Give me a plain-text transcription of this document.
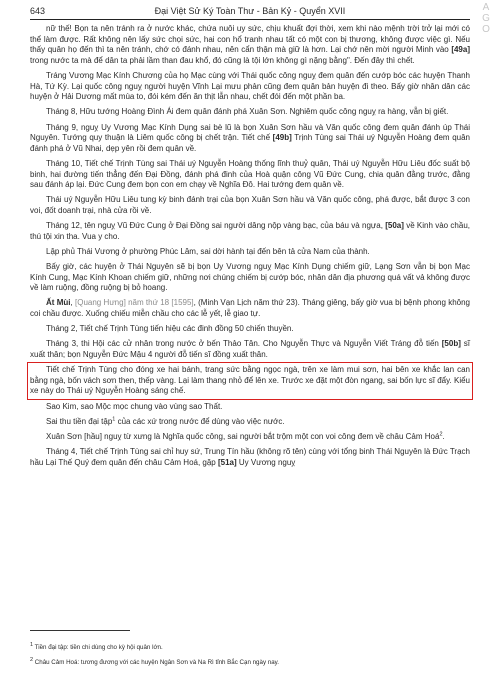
643	Đại Việt Sử Ký Toàn Thư - Bản Kỷ - Quyển XVII	AGO

nữ thế! Bọn ta nên tránh ra ở nước khác, chứa nuôi uy sức, chịu khuất đợi thời, xem khi nào mệnh trời trở lại mới có thể làm được. Rất không nên lấy sức chọi sức, hai con hổ tranh nhau tất có một con bị thương, không được việc gì. Nếu thấy quân họ đến thì ta nên tránh, chớ có đánh nhau, nên cẩn thận mà giữ là hơn. Lại chớ nên mời người Minh vào [49a] trong nước ta mà để dân ta phải lầm than đau khổ, đó cũng là tội lớn không gì nặng bằng". Đến đây thì chết.

Tráng Vương Mạc Kính Chương của họ Mạc cùng với Thái quốc công nguỵ đem quân đến cướp bóc các huyện Thanh Hà, Tứ Kỳ. Lại quốc công nguỵ người huyện Vĩnh Lại mưu phản cũng đem quân bản huyện đi theo. Bấy giờ nhân dân các huyện ở Hải Dương mất mùa to, đói kém đến ăn thịt lẫn nhau, chết đói đến một phần ba.

Tháng 8, Hữu tướng Hoàng Đình Ái đem quân đánh phá Xuân Sơn. Nghiêm quốc công nguỵ ra hàng, vẫn bị giết.

Tháng 9, nguỵ Uy Vương Mạc Kính Dụng sai bè lũ là bọn Xuân Sơn hầu và Văn quốc công đem quân đánh úp Thái Nguyên. Tướng quy thuận là Liêm quốc công bị chết trận. Tiết chế [49b] Trịnh Tùng sai Thái uý Nguyễn Hoàng đem quân đánh phá ở Vũ Nhai, dẹp yên rồi đem quân về.

Tháng 10, Tiết chế Trịnh Tùng sai Thái uý Nguyễn Hoàng thống lĩnh thuỷ quân, Thái uý Nguyễn Hữu Liêu đốc suất bộ binh, hai đường tiến thẳng đến Đại Đồng, đánh phá đinh của Hoà quận công Vũ Đức Cung, chia quân đằng trước, đằng sau đánh áp lại. Đức Cung đem bọn con em chạy về Nghĩa Đô. Hai tướng đem quân về.

Thái uý Nguyễn Hữu Liêu tung kỳ binh đánh trại của bọn Xuân Sơn hầu và Văn quốc công, phá được, bắt được 3 con voi, đốt doanh trại, nhà cửa rồi về.

Tháng 12, tên nguỵ Vũ Đức Cung ở Đại Đồng sai người dâng nộp vàng bạc, của báu và ngựa, [50a] về Kinh vào chầu, thú tội xin tha. Vua y cho.

Lập phủ Thái Vương ở phường Phúc Lâm, sai dời hành tại đến bên tả cửa Nam của thành.

Bấy giờ, các huyện ở Thái Nguyên sẽ bị bọn Uy Vương nguỵ Mạc Kính Dụng chiếm giữ, Lạng Sơn vẫn bị bọn Mạc Kính Cung, Mạc Kính Khoan chiếm giữ, những nơi chúng chiếm bị cướp bóc, nhân dân địa phương quá vất vả không được về làm ruộng, đồng ruộng bị bỏ hoang.

Ất Mùi, [Quang Hưng] năm thứ 18 [1595], (Minh Vạn Lịch năm thứ 23). Tháng giêng, bấy giờ vua bị bệnh phong không coi chầu được. Xuống chiếu miễn chầu cho các lễ yết, lễ giao tự.

Tháng 2, Tiết chế Trịnh Tùng tiến hiệu các đinh đồng 50 chiến thuyền.

Tháng 3, thi Hội các cử nhân trong nước ở bến Thảo Tân. Cho Nguyễn Thực và Nguyễn Viết Tráng đỗ tiến [50b] sĩ xuất thân; bọn Nguyễn Đức Mậu 4 người đỗ tiến sĩ đồng xuất thân.

Tiết chế Trịnh Tùng cho đóng xe hai bánh, trang sức bằng ngọc ngà, trên xe làm mui sơn, hai bên xe khắc lan can bằng ngà, bốn vách sơn then, thếp vàng. Lại làm thang nhỏ để lên xe. Trước xe đặt một đòn ngang, sai bốn lực sĩ đẩy. Kiểu xe này do Thái uý Nguyễn Hoàng sáng chế.

Sao Kim, sao Mộc mọc chung vào vùng sao Thất.

Sai thu tiền đại tập$^1$ của các xứ trong nước để dùng vào việc nước.

Xuân Sơn [hầu] nguỵ từ xưng là Nghĩa quốc công, sai người bắt trộm một con voi công đem về châu Cảm Hoá$^2$.

Tháng 4, Tiết chế Trịnh Tùng sai chỉ huy sứ, Trung Tín hầu (không rõ tên) cùng với tổng binh Thái Nguyên là Đức Trạch hầu Lại Thế Quý đem quân đến châu Cảm Hoá, gặp [51a] Uy Vương nguỵ

$^1$ Tiền đại tập: tiền chi dùng cho kỳ hội quân lớn.
$^2$ Châu Cảm Hoá: tương đương với các huyện Ngân Sơn và Na Rì tỉnh Bắc Cạn ngày nay.
